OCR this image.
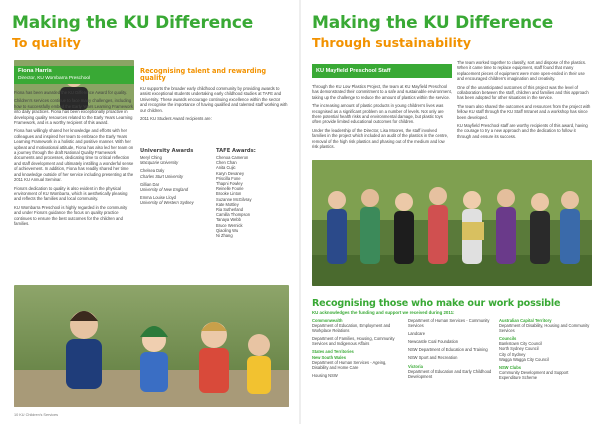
Making the KU Difference
To quality
Fiona Harris
Director, KU Wombarra Preschool

Fiona has been awarded the KU Difference Award for quality.

Children's services continue to face many challenges, including how to successfully embed the Early Years Learning Framework into daily practices. Fiona has been exceptionally proactive in developing quality resources related to the Early Years Learning Framework, and is a worthy recipient of this award.

Fiona has willingly shared her knowledge and efforts with her colleagues and inspired her team to embrace the Early Years Learning Framework in a holistic and positive manner. With her upbeat and motivational attitude, Fiona has also led her team on a journey through the draft National Quality Framework documents and processes, dedicating time to critical reflection and staff development and ultimately instilling a wonderful sense of achievement. In addition, Fiona has readily shared her time and knowledge outside of her service including presenting at the 2011 KU Annual Seminar.

Fiona's dedication to quality is also evident in the physical environment of KU Wombarra, which is aesthetically pleasing and reflects the families and local community.

KU Wombarra Preschool is highly regarded in the community and under Fiona's guidance the focus on quality practice continues to ensure the best outcomes for the children and families.

Recognising talent and rewarding quality

KU supports the broader early childhood community by providing awards to assist exceptional students undertaking early childhood studies at TAFE and University. These awards encourage continuing excellence within the sector and recognise the importance of having qualified and talented staff working with our children.

2011 KU Student Award recipients are:

University Awards
Meryl Ching
Macquarie University
Chelsea Daly
Charles Sturt University
Gillian Dar
University of New England
Emma Louise Lloyd
University of Western Sydney
TAFE Awards:
Chenoa Cameron
Chen Chan
Anita Cujic
Karyn Devaney
Priscilla Fone
Thapni Fowley
Reinelle Fourie
Brooke Linton
Suzanne McGilvray
Kate Mottley
Ria Sutherland
Camilla Thompson
Tanaya Webb
Bruce Wernick
Qiaoling Wu
Ni Zhang
10 KU Children's Services
Making the KU Difference
Through sustainability
KU Mayfield Preschool Staff

Through the KU Low Plastics Project, the team at KU Mayfield Preschool has demonstrated their commitment to a safe and sustainable environment, taking up the challenge to reduce the amount of plastics within the service.

The increasing amount of plastic products in young children's lives was recognised as a significant problem on a number of levels. Not only are there potential health risks and environmental damage, but plastic toys often provide limited educational outcomes for children.

Under the leadership of the Director, Lisa Moores, the staff involved families in the project which included an audit of the plastics in the centre, removal of the high risk plastics and phasing out of the medium and low risk plastics.

The team worked together to classify, sort and dispose of the plastics. When it came time to replace equipment, staff found that many replacement pieces of equipment were more open-ended in their use and encouraged children's imagination and creativity.

One of the unanticipated outcomes of this project was the level of collaboration between the staff, children and families and this approach has been adopted for other situations in the service.

The team also shared the outcomes and resources from the project with fellow KU staff through the KU Staff Intranet and a workshop has since been developed.

KU Mayfield Preschool staff are worthy recipients of this award, having the courage to try a new approach and the dedication to follow it through and ensure its success.

Recognising those who make our work possible
KU acknowledges the funding and support we received during 2011:
Commonwealth
Department of Education, Employment and Workplace Relations
Department of Families, Housing, Community Services and Indigenous Affairs
States and Territories
New South Wales
Department of Human Services - Ageing, Disability and Home Care
Housing NSW
Department of Human Services - Community Services
Landcare
Newcastle Coal Foundation
NSW Department of Education and Training
NSW Sport and Recreation
Victoria
Department of Education and Early Childhood Development
Australian Capital Territory
Department of Disability, Housing and Community Services
Councils
Bankstown City Council
North Sydney Council
City of Sydney
Wagga Wagga City Council
NSW Clubs
Community Development and Support Expenditure Scheme
